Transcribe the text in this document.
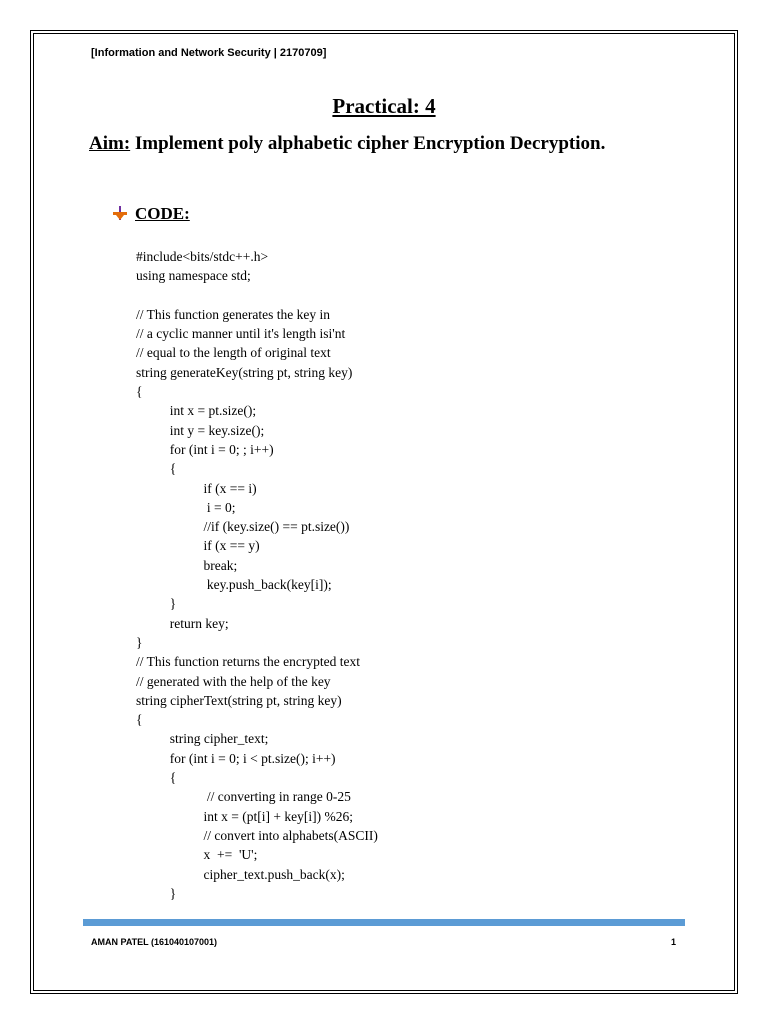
[Information and Network Security | 2170709]
Practical: 4
Aim: Implement poly alphabetic cipher Encryption Decryption.
CODE:
#include<bits/stdc++.h>
using namespace std;
// This function generates the key in
// a cyclic manner until it's length isi'nt
// equal to the length of original text
string generateKey(string pt, string key)
{
int x = pt.size();
int y = key.size();
for (int i = 0; ; i++)
{
if (x == i)
i = 0;
//if (key.size() == pt.size())
if (x == y)
break;
key.push_back(key[i]);
}
return key;
}
// This function returns the encrypted text
// generated with the help of the key
string cipherText(string pt, string key)
{
string cipher_text;
for (int i = 0; i < pt.size(); i++)
{
// converting in range 0-25
int x = (pt[i] + key[i]) %26;
// convert into alphabets(ASCII)
x  +=  'U';
cipher_text.push_back(x);
}
AMAN PATEL (161040107001)	1
